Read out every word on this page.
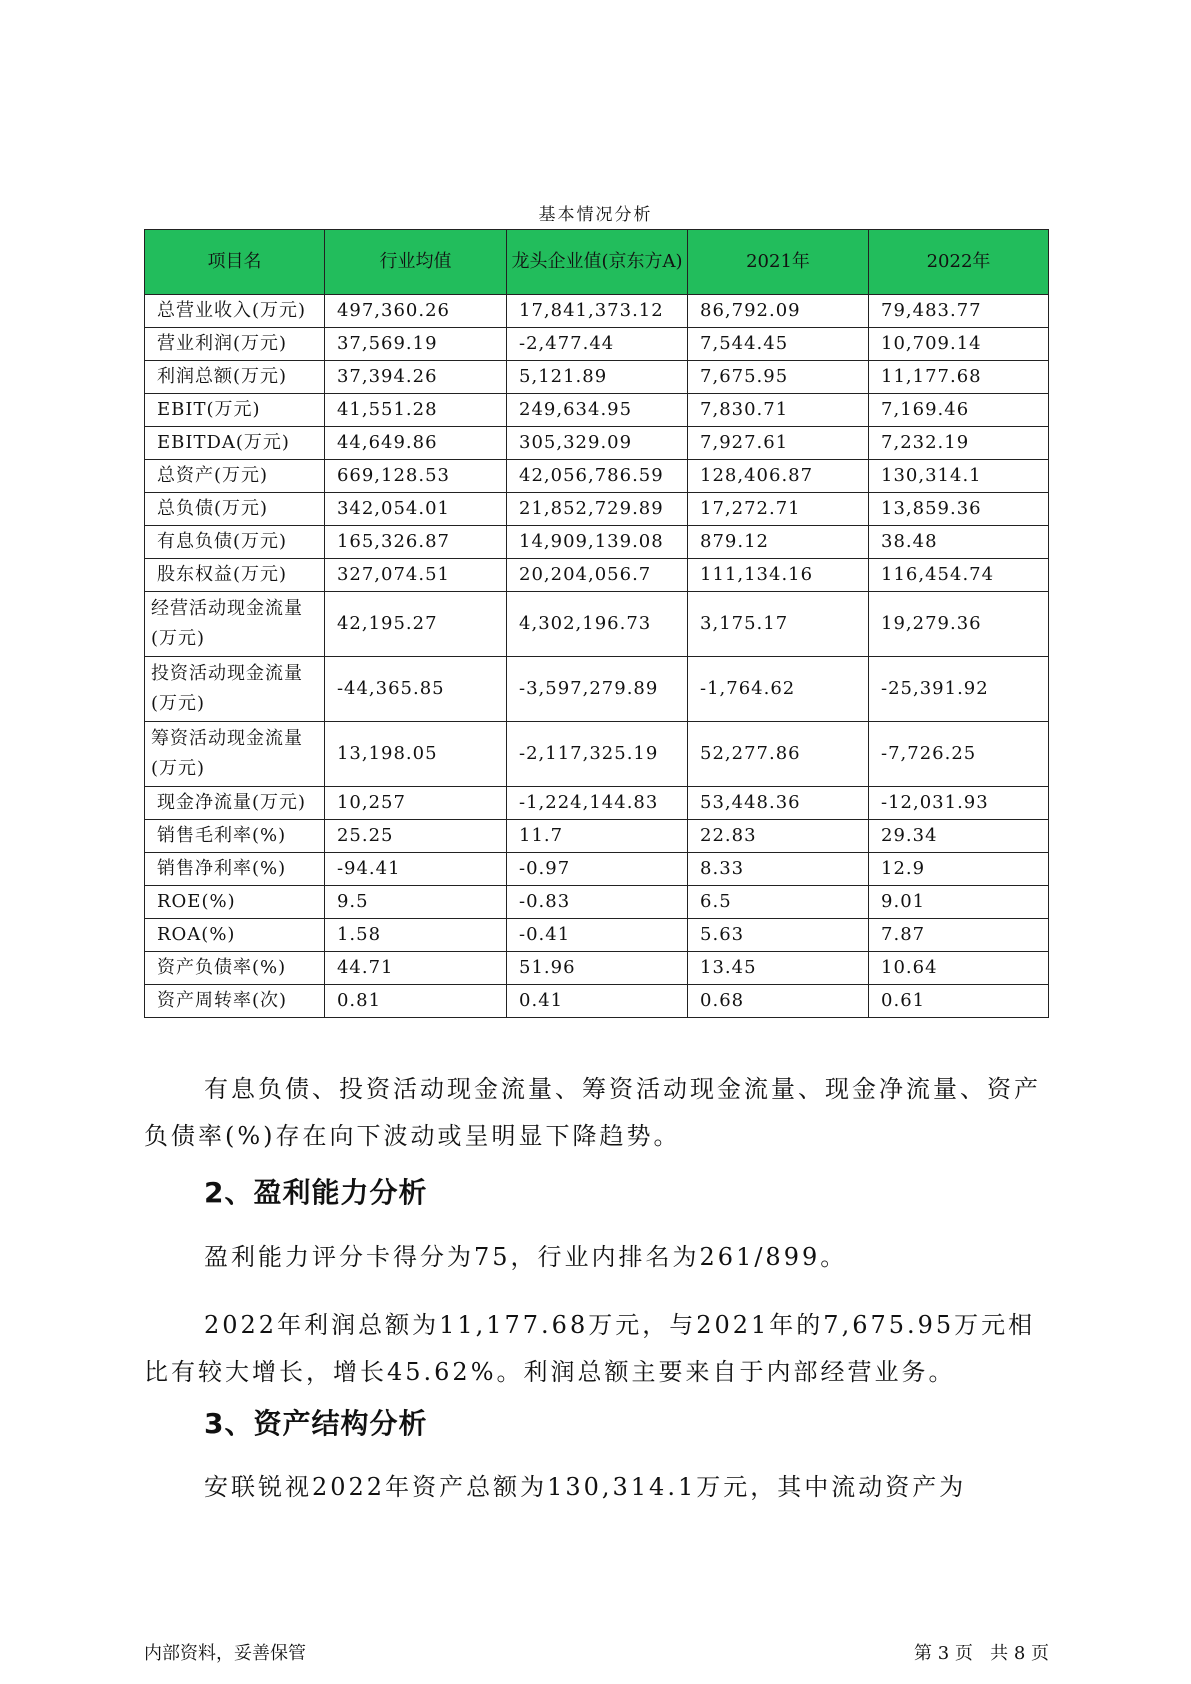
基本情况分析
项目名	行业均值	龙头企业值(京东方A)	2021年	2022年
总营业收入(万元)	497,360.26	17,841,373.12	86,792.09	79,483.77
营业利润(万元)	37,569.19	-2,477.44	7,544.45	10,709.14
利润总额(万元)	37,394.26	5,121.89	7,675.95	11,177.68
EBIT(万元)	41,551.28	249,634.95	7,830.71	7,169.46
EBITDA(万元)	44,649.86	305,329.09	7,927.61	7,232.19
总资产(万元)	669,128.53	42,056,786.59	128,406.87	130,314.1
总负债(万元)	342,054.01	21,852,729.89	17,272.71	13,859.36
有息负债(万元)	165,326.87	14,909,139.08	879.12	38.48
股东权益(万元)	327,074.51	20,204,056.7	111,134.16	116,454.74
经营活动现金流量(万元)	42,195.27	4,302,196.73	3,175.17	19,279.36
投资活动现金流量(万元)	-44,365.85	-3,597,279.89	-1,764.62	-25,391.92
筹资活动现金流量(万元)	13,198.05	-2,117,325.19	52,277.86	-7,726.25
现金净流量(万元)	10,257	-1,224,144.83	53,448.36	-12,031.93
销售毛利率(%)	25.25	11.7	22.83	29.34
销售净利率(%)	-94.41	-0.97	8.33	12.9
ROE(%)	9.5	-0.83	6.5	9.01
ROA(%)	1.58	-0.41	5.63	7.87
资产负债率(%)	44.71	51.96	13.45	10.64
资产周转率(次)	0.81	0.41	0.68	0.61
有息负债、投资活动现金流量、筹资活动现金流量、现金净流量、资产负债率(%)存在向下波动或呈明显下降趋势。
2、盈利能力分析
盈利能力评分卡得分为75，行业内排名为261/899。
2022年利润总额为11,177.68万元，与2021年的7,675.95万元相比有较大增长，增长45.62%。利润总额主要来自于内部经营业务。
3、资产结构分析
安联锐视2022年资产总额为130,314.1万元，其中流动资产为
内部资料，妥善保管	第 3 页 共 8 页
